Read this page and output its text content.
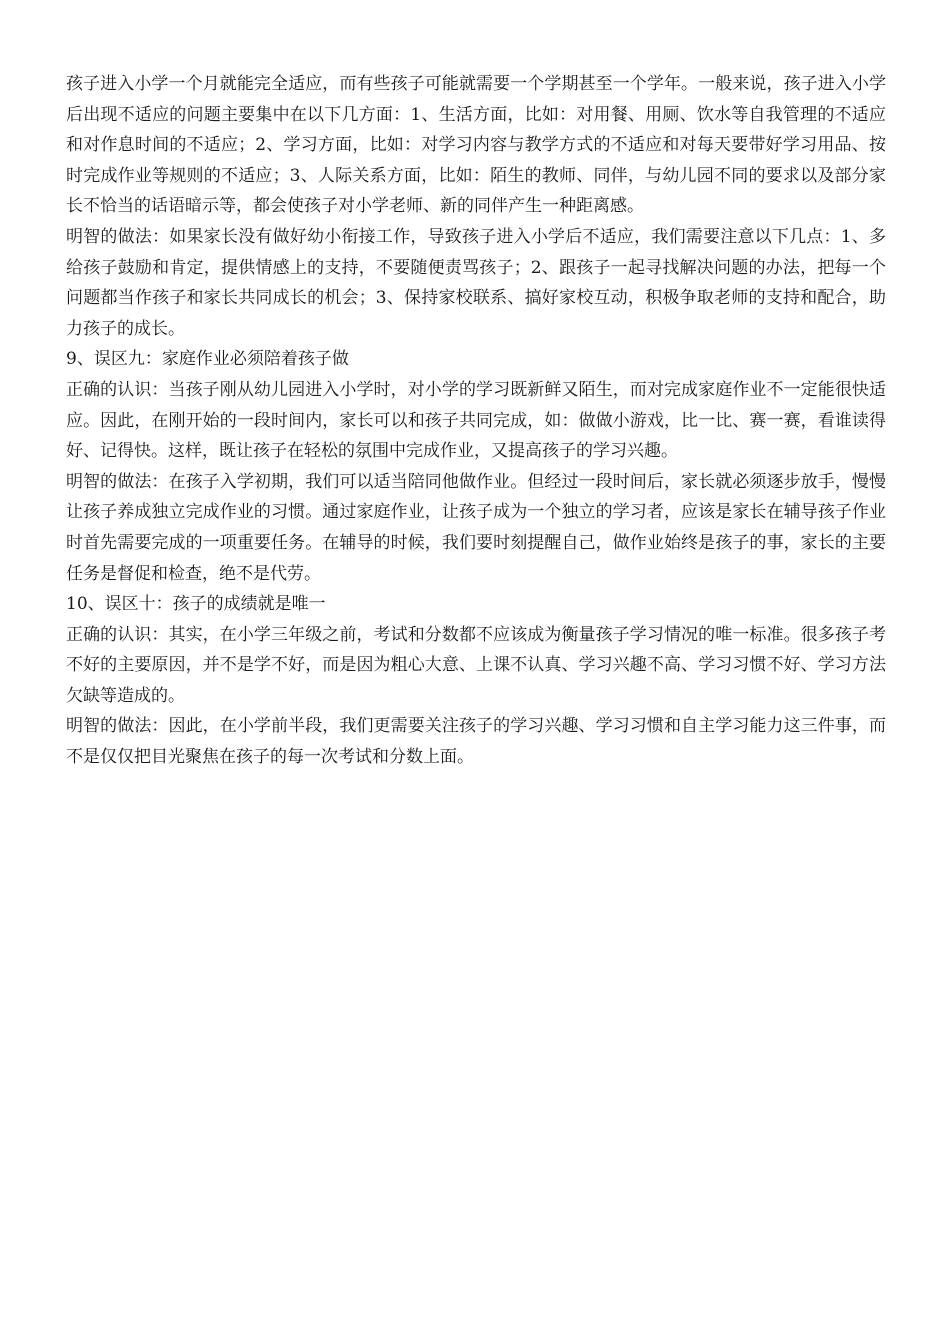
孩子进入小学一个月就能完全适应，而有些孩子可能就需要一个学期甚至一个学年。一般来说，孩子进入小学后出现不适应的问题主要集中在以下几方面：1、生活方面，比如：对用餐、用厕、饮水等自我管理的不适应和对作息时间的不适应；2、学习方面，比如：对学习内容与教学方式的不适应和对每天要带好学习用品、按时完成作业等规则的不适应；3、人际关系方面，比如：陌生的教师、同伴，与幼儿园不同的要求以及部分家长不恰当的话语暗示等，都会使孩子对小学老师、新的同伴产生一种距离感。

明智的做法：如果家长没有做好幼小衔接工作，导致孩子进入小学后不适应，我们需要注意以下几点：1、多给孩子鼓励和肯定，提供情感上的支持，不要随便责骂孩子；2、跟孩子一起寻找解决问题的办法，把每一个问题都当作孩子和家长共同成长的机会；3、保持家校联系、搞好家校互动，积极争取老师的支持和配合，助力孩子的成长。

9、误区九：家庭作业必须陪着孩子做

正确的认识：当孩子刚从幼儿园进入小学时，对小学的学习既新鲜又陌生，而对完成家庭作业不一定能很快适应。因此，在刚开始的一段时间内，家长可以和孩子共同完成，如：做做小游戏，比一比、赛一赛，看谁读得好、记得快。这样，既让孩子在轻松的氛围中完成作业，又提高孩子的学习兴趣。

明智的做法：在孩子入学初期，我们可以适当陪同他做作业。但经过一段时间后，家长就必须逐步放手，慢慢让孩子养成独立完成作业的习惯。通过家庭作业，让孩子成为一个独立的学习者，应该是家长在辅导孩子作业时首先需要完成的一项重要任务。在辅导的时候，我们要时刻提醒自己，做作业始终是孩子的事，家长的主要任务是督促和检查，绝不是代劳。

10、误区十：孩子的成绩就是唯一

正确的认识：其实，在小学三年级之前，考试和分数都不应该成为衡量孩子学习情况的唯一标准。很多孩子考不好的主要原因，并不是学不好，而是因为粗心大意、上课不认真、学习兴趣不高、学习习惯不好、学习方法欠缺等造成的。

明智的做法：因此，在小学前半段，我们更需要关注孩子的学习兴趣、学习习惯和自主学习能力这三件事，而不是仅仅把目光聚焦在孩子的每一次考试和分数上面。
